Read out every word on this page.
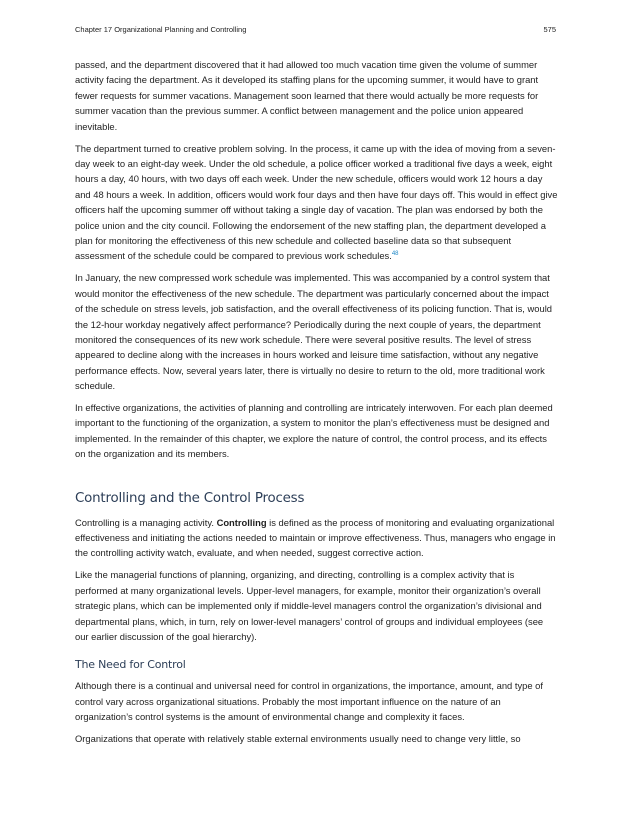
Chapter 17 Organizational Planning and Controlling	575

passed, and the department discovered that it had allowed too much vacation time given the volume of summer activity facing the department. As it developed its staffing plans for the upcoming summer, it would have to grant fewer requests for summer vacations. Management soon learned that there would actually be more requests for summer vacation than the previous summer. A conflict between management and the police union appeared inevitable.

The department turned to creative problem solving. In the process, it came up with the idea of moving from a seven-day week to an eight-day week. Under the old schedule, a police officer worked a traditional five days a week, eight hours a day, 40 hours, with two days off each week. Under the new schedule, officers would work 12 hours a day and 48 hours a week. In addition, officers would work four days and then have four days off. This would in effect give officers half the upcoming summer off without taking a single day of vacation. The plan was endorsed by both the police union and the city council. Following the endorsement of the new staffing plan, the department developed a plan for monitoring the effectiveness of this new schedule and collected baseline data so that subsequent assessment of the schedule could be compared to previous work schedules.$^{48}$

In January, the new compressed work schedule was implemented. This was accompanied by a control system that would monitor the effectiveness of the new schedule. The department was particularly concerned about the impact of the schedule on stress levels, job satisfaction, and the overall effectiveness of its policing function. That is, would the 12-hour workday negatively affect performance? Periodically during the next couple of years, the department monitored the consequences of its new work schedule. There were several positive results. The level of stress appeared to decline along with the increases in hours worked and leisure time satisfaction, without any negative performance effects. Now, several years later, there is virtually no desire to return to the old, more traditional work schedule.

In effective organizations, the activities of planning and controlling are intricately interwoven. For each plan deemed important to the functioning of the organization, a system to monitor the plan’s effectiveness must be designed and implemented. In the remainder of this chapter, we explore the nature of control, the control process, and its effects on the organization and its members.

Controlling and the Control Process

Controlling is a managing activity. Controlling is defined as the process of monitoring and evaluating organizational effectiveness and initiating the actions needed to maintain or improve effectiveness. Thus, managers who engage in the controlling activity watch, evaluate, and when needed, suggest corrective action.

Like the managerial functions of planning, organizing, and directing, controlling is a complex activity that is performed at many organizational levels. Upper-level managers, for example, monitor their organization’s overall strategic plans, which can be implemented only if middle-level managers control the organization’s divisional and departmental plans, which, in turn, rely on lower-level managers’ control of groups and individual employees (see our earlier discussion of the goal hierarchy).

The Need for Control

Although there is a continual and universal need for control in organizations, the importance, amount, and type of control vary across organizational situations. Probably the most important influence on the nature of an organization’s control systems is the amount of environmental change and complexity it faces.

Organizations that operate with relatively stable external environments usually need to change very little, so
